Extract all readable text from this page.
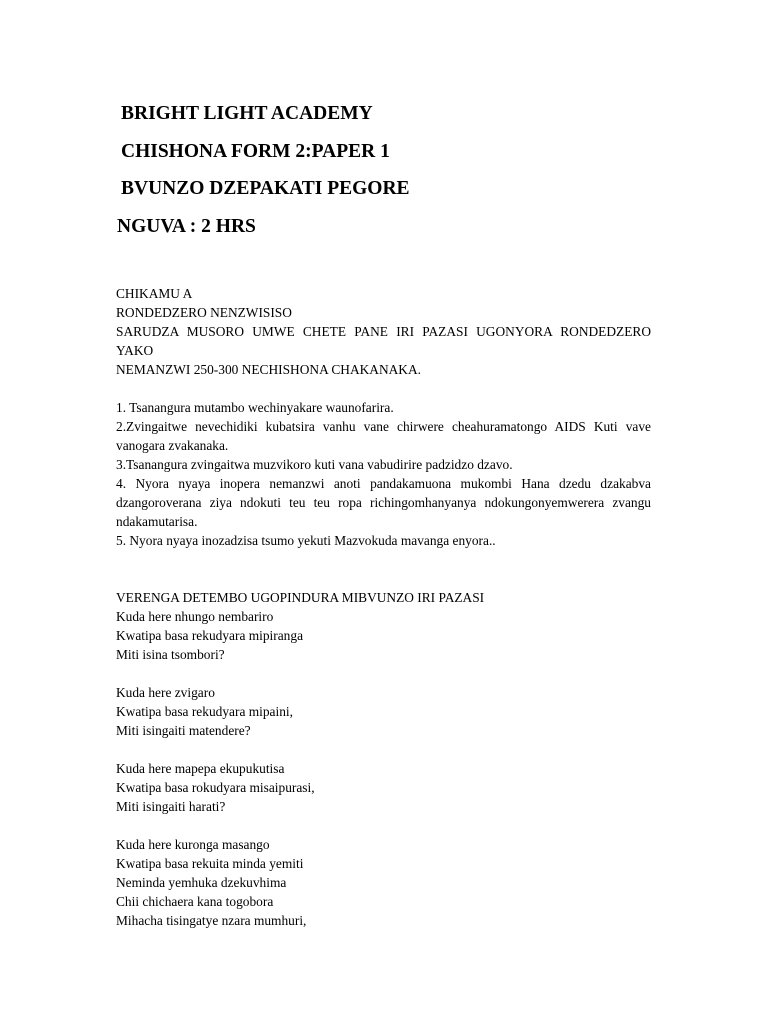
BRIGHT LIGHT ACADEMY

CHISHONA FORM 2:PAPER 1

BVUNZO DZEPAKATI PEGORE

NGUVA : 2 HRS

CHIKAMU A

RONDEDZERO NENZWISISO

SARUDZA MUSORO UMWE CHETE PANE IRI PAZASI UGONYORA RONDEDZERO YAKO

NEMANZWI 250-300 NECHISHONA CHAKANAKA.

1. Tsanangura mutambo wechinyakare waunofarira.

2.Zvingaitwe nevechidiki kubatsira vanhu vane chirwere cheahuramatongo AIDS Kuti vave vanogara zvakanaka.

3.Tsanangura zvingaitwa muzvikoro kuti vana vabudirire padzidzo dzavo.

4. Nyora nyaya inopera nemanzwi anoti pandakamuona mukombi Hana dzedu dzakabva dzangoroverana ziya ndokuti teu teu ropa richingomhanyanya ndokungonyemwerera zvangu ndakamutarisa.

5. Nyora nyaya inozadzisa tsumo yekuti Mazvokuda mavanga enyora..

VERENGA DETEMBO UGOPINDURA MIBVUNZO IRI PAZASI

Kuda here nhungo nembariro

Kwatipa basa rekudyara mipiranga

Miti isina tsombori?

Kuda here zvigaro

Kwatipa basa rekudyara mipaini,

Miti isingaiti matendere?

Kuda here mapepa ekupukutisa

Kwatipa basa rokudyara misaipurasi,

Miti isingaiti harati?

Kuda here kuronga masango

Kwatipa basa rekuita minda yemiti

Neminda yemhuka dzekuvhima

Chii chichaera kana togobora

Mihacha tisingatye nzara mumhuri,
